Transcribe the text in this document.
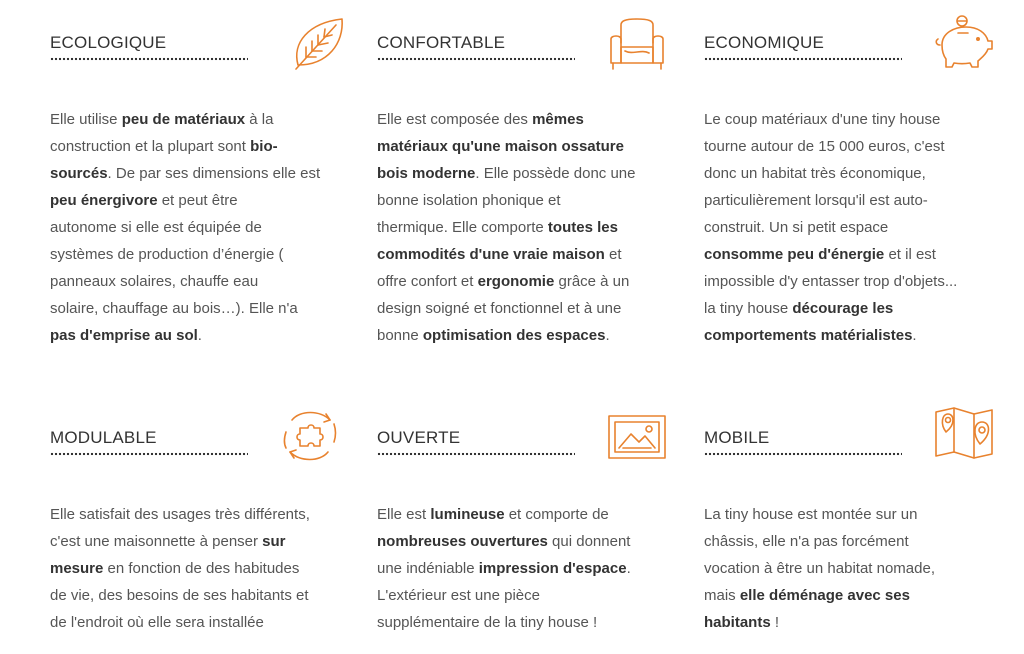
ECOLOGIQUE
Elle utilise peu de matériaux à la
construction et la plupart sont bio-
sourcés. De par ses dimensions elle est
peu énergivore et peut être
autonome si elle est équipée de
systèmes de production d’énergie (
panneaux solaires, chauffe eau
solaire, chauffage au bois…). Elle n'a
pas d'emprise au sol.
CONFORTABLE
Elle est composée des mêmes
matériaux qu'une maison ossature
bois moderne. Elle possède donc une
bonne isolation phonique et
thermique. Elle comporte toutes les
commodités d'une vraie maison et
offre confort et ergonomie grâce à un
design soigné et fonctionnel et à une
bonne optimisation des espaces.
ECONOMIQUE
Le coup matériaux d'une tiny house
tourne autour de 15 000 euros, c'est
donc un habitat très économique,
particulièrement lorsqu'il est auto-
construit. Un si petit espace
consomme peu d'énergie et il est
impossible d'y entasser trop d'objets...
la tiny house décourage les
comportements matérialistes.
MODULABLE
Elle satisfait des usages très différents,
c'est une maisonnette à penser sur
mesure en fonction de des habitudes
de vie, des besoins de ses habitants et
de l'endroit où elle sera installée
OUVERTE
Elle est lumineuse et comporte de
nombreuses ouvertures qui donnent
une indéniable impression d'espace.
L'extérieur est une pièce
supplémentaire de la tiny house !
MOBILE
La tiny house est montée sur un
châssis, elle n'a pas forcément
vocation à être un habitat nomade,
mais elle déménage avec ses
habitants !
